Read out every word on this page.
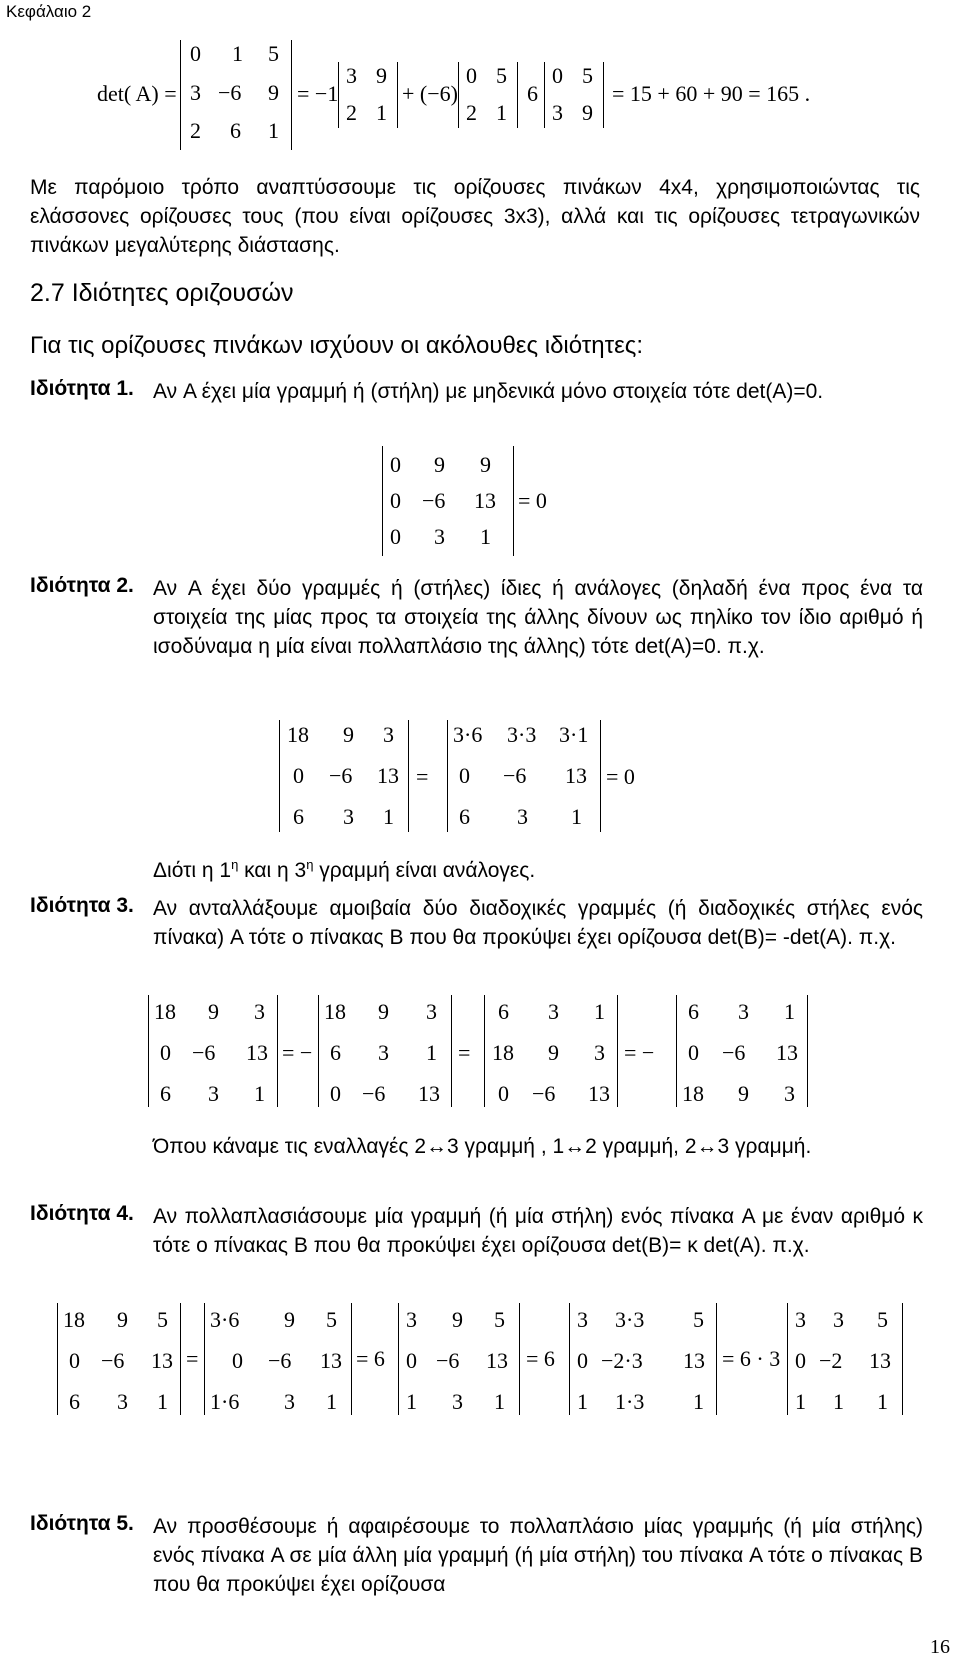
Κεφάλαιο 2
det( A) =
0 1 5
3 −6 9
2 6 1
= −1
3 9
2 1
+ (−6)
0 5
2 1
6
0 5
3 9
= 15 + 60 + 90 = 165 .
Με παρόμοιο τρόπο αναπτύσσουμε τις ορίζουσες πινάκων 4x4, χρησιμοποιώντας τις ελάσσονες ορίζουσες τους (που είναι ορίζουσες 3x3), αλλά και τις ορίζουσες τετραγωνικών πινάκων μεγαλύτερης διάστασης.
2.7 Ιδιότητες οριζουσών
Για τις ορίζουσες πινάκων ισχύουν οι ακόλουθες ιδιότητες:
Ιδιότητα 1. Αν A έχει μία γραμμή ή (στήλη) με μηδενικά μόνο στοιχεία τότε det(A)=0.
0 9 9
0 −6 13
0 3 1
= 0
Ιδιότητα 2. Αν A έχει δύο γραμμές ή (στήλες) ίδιες ή ανάλογες (δηλαδή ένα προς ένα τα στοιχεία της μίας προς τα στοιχεία της άλλης δίνουν ως πηλίκο τον ίδιο αριθμό ή ισοδύναμα η μία είναι πολλαπλάσιο της άλλης) τότε det(A)=0. π.χ.
18 9 3
0 −6 13
6 3 1
=
3·6 3·3 3·1
0 −6 13
6 3 1
= 0
Διότι η $1^\eta$ και η $3^\eta$ γραμμή είναι ανάλογες.
Ιδιότητα 3. Αν ανταλλάξουμε αμοιβαία δύο διαδοχικές γραμμές (ή διαδοχικές στήλες ενός πίνακα) A τότε ο πίνακας B που θα προκύψει έχει ορίζουσα det(B)= -det(A). π.χ.
18 9 3
0 −6 13
6 3 1
= −
18 9 3
6 3 1
0 −6 13
=
6 3 1
18 9 3
0 −6 13
= −
6 3 1
0 −6 13
18 9 3
Όπου κάναμε τις εναλλαγές 2↔3 γραμμή , 1↔2 γραμμή, 2↔3 γραμμή.
Ιδιότητα 4. Αν πολλαπλασιάσουμε μία γραμμή (ή μία στήλη) ενός πίνακα A με έναν αριθμό κ τότε ο πίνακας B που θα προκύψει έχει ορίζουσα det(B)= κ det(A). π.χ.
18 9 5
0 −6 13
6 3 1
=
3·6 9 5
0 −6 13
1·6 3 1
= 6
3 9 5
0 −6 13
1 3 1
= 6
3 3·3 5
0 −2·3 13
1 1·3 1
= 6 · 3
3 3 5
0 −2 13
1 1 1
Ιδιότητα 5. Αν προσθέσουμε ή αφαιρέσουμε το πολλαπλάσιο μίας γραμμής (ή μία στήλης) ενός πίνακα A σε μία άλλη μία γραμμή (ή μία στήλη) του πίνακα A τότε ο πίνακας B που θα προκύψει έχει ορίζουσα
16
